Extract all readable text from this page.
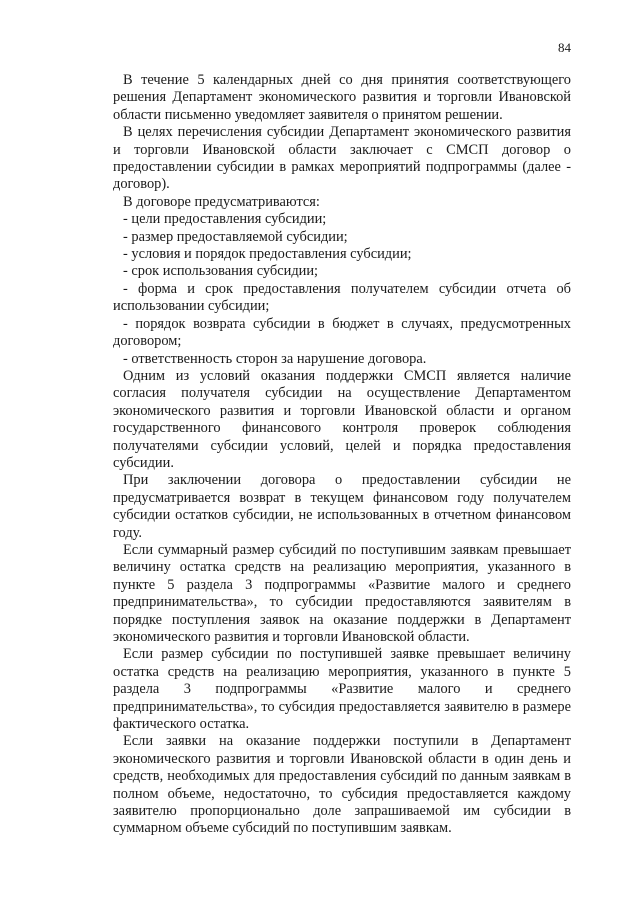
84

В течение 5 календарных дней со дня принятия соответствующего решения Департамент экономического развития и торговли Ивановской области письменно уведомляет заявителя о принятом решении.

В целях перечисления субсидии Департамент экономического развития и торговли Ивановской области заключает с СМСП договор о предоставлении субсидии в рамках мероприятий подпрограммы (далее - договор).

В договоре предусматриваются:

- цели предоставления субсидии;

- размер предоставляемой субсидии;

- условия и порядок предоставления субсидии;

- срок использования субсидии;

- форма и срок предоставления получателем субсидии отчета об использовании субсидии;

- порядок возврата субсидии в бюджет в случаях, предусмотренных договором;

- ответственность сторон за нарушение договора.

Одним из условий оказания поддержки СМСП является наличие согласия получателя субсидии на осуществление Департаментом экономического развития и торговли Ивановской области и органом государственного финансового контроля проверок соблюдения получателями субсидии условий, целей и порядка предоставления субсидии.

При заключении договора о предоставлении субсидии не предусматривается возврат в текущем финансовом году получателем субсидии остатков субсидии, не использованных в отчетном финансовом году.

Если суммарный размер субсидий по поступившим заявкам превышает величину остатка средств на реализацию мероприятия, указанного в пункте 5 раздела 3 подпрограммы «Развитие малого и среднего предпринимательства», то субсидии предоставляются заявителям в порядке поступления заявок на оказание поддержки в Департамент экономического развития и торговли Ивановской области.

Если размер субсидии по поступившей заявке превышает величину остатка средств на реализацию мероприятия, указанного в пункте 5 раздела 3 подпрограммы «Развитие малого и среднего предпринимательства», то субсидия предоставляется заявителю в размере фактического остатка.

Если заявки на оказание поддержки поступили в Департамент экономического развития и торговли Ивановской области в один день и средств, необходимых для предоставления субсидий по данным заявкам в полном объеме, недостаточно, то субсидия предоставляется каждому заявителю пропорционально доле запрашиваемой им субсидии в суммарном объеме субсидий по поступившим заявкам.
